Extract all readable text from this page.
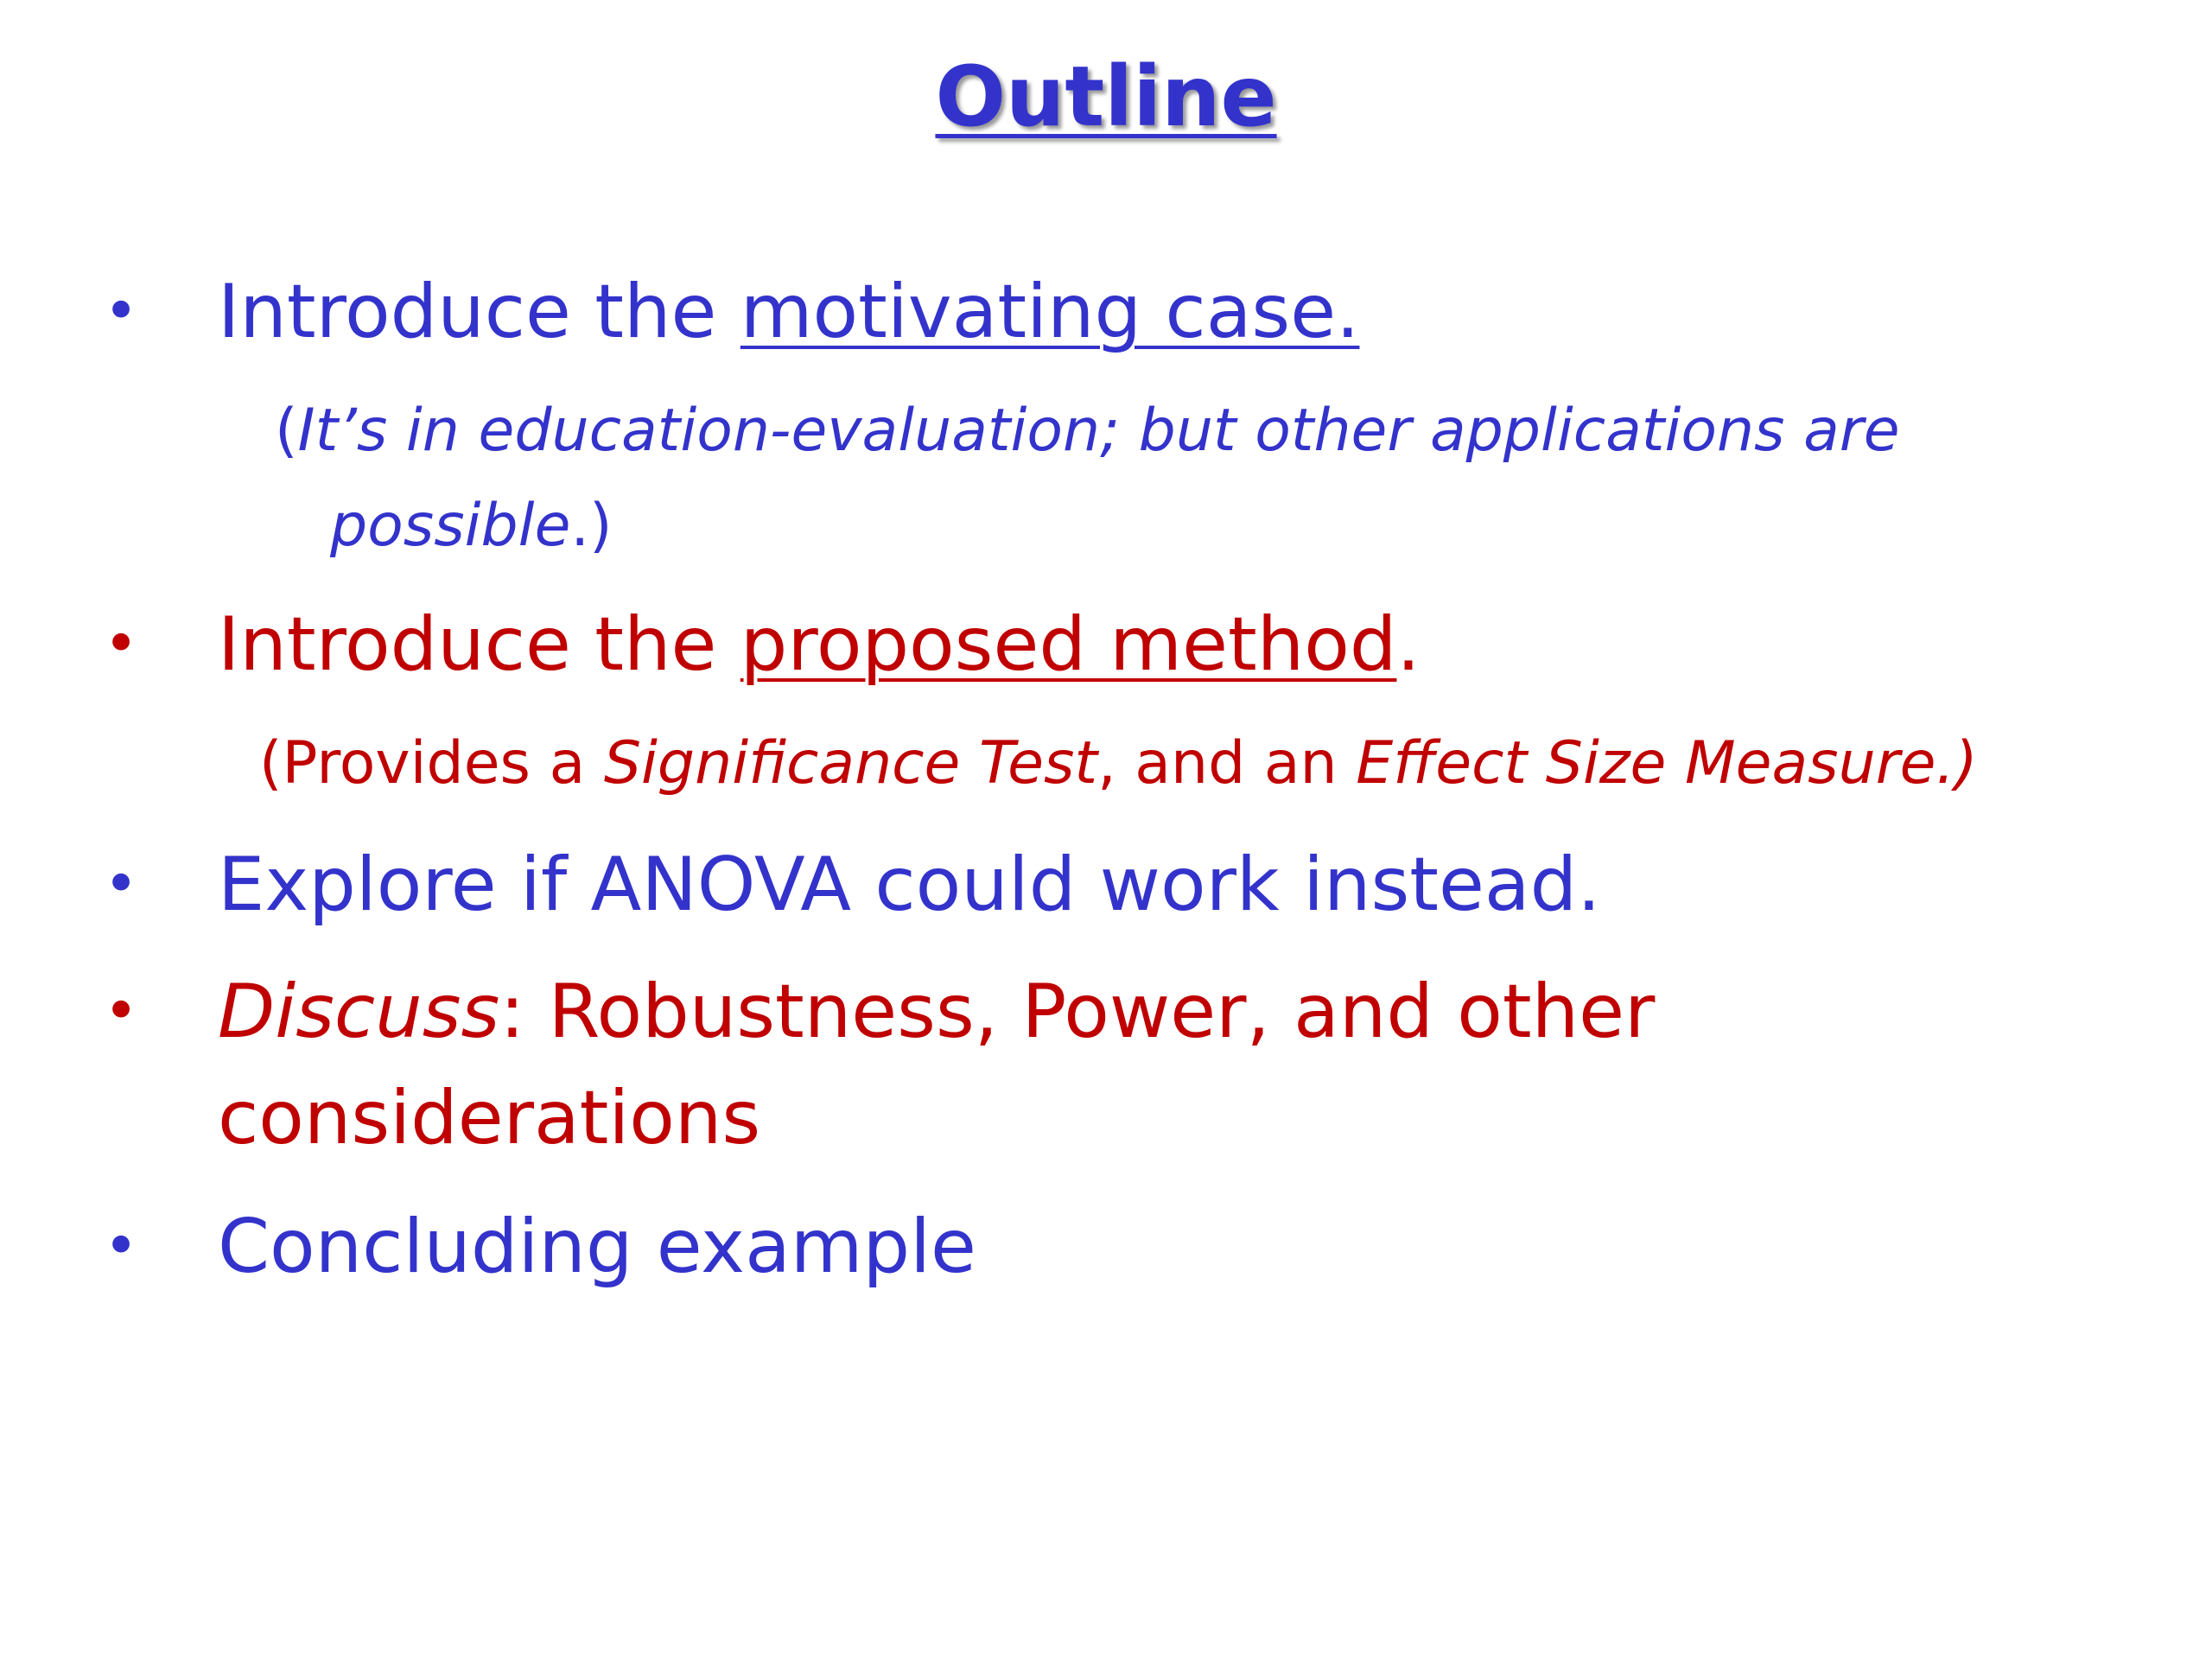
Outline
• Introduce the motivating case.
(It’s in education-evaluation; but other applications are
possible.)
• Introduce the proposed method.
(Provides a Significance Test, and an Effect Size Measure.)
• Explore if ANOVA could work instead.
• Discuss: Robustness, Power, and other
considerations
• Concluding example
